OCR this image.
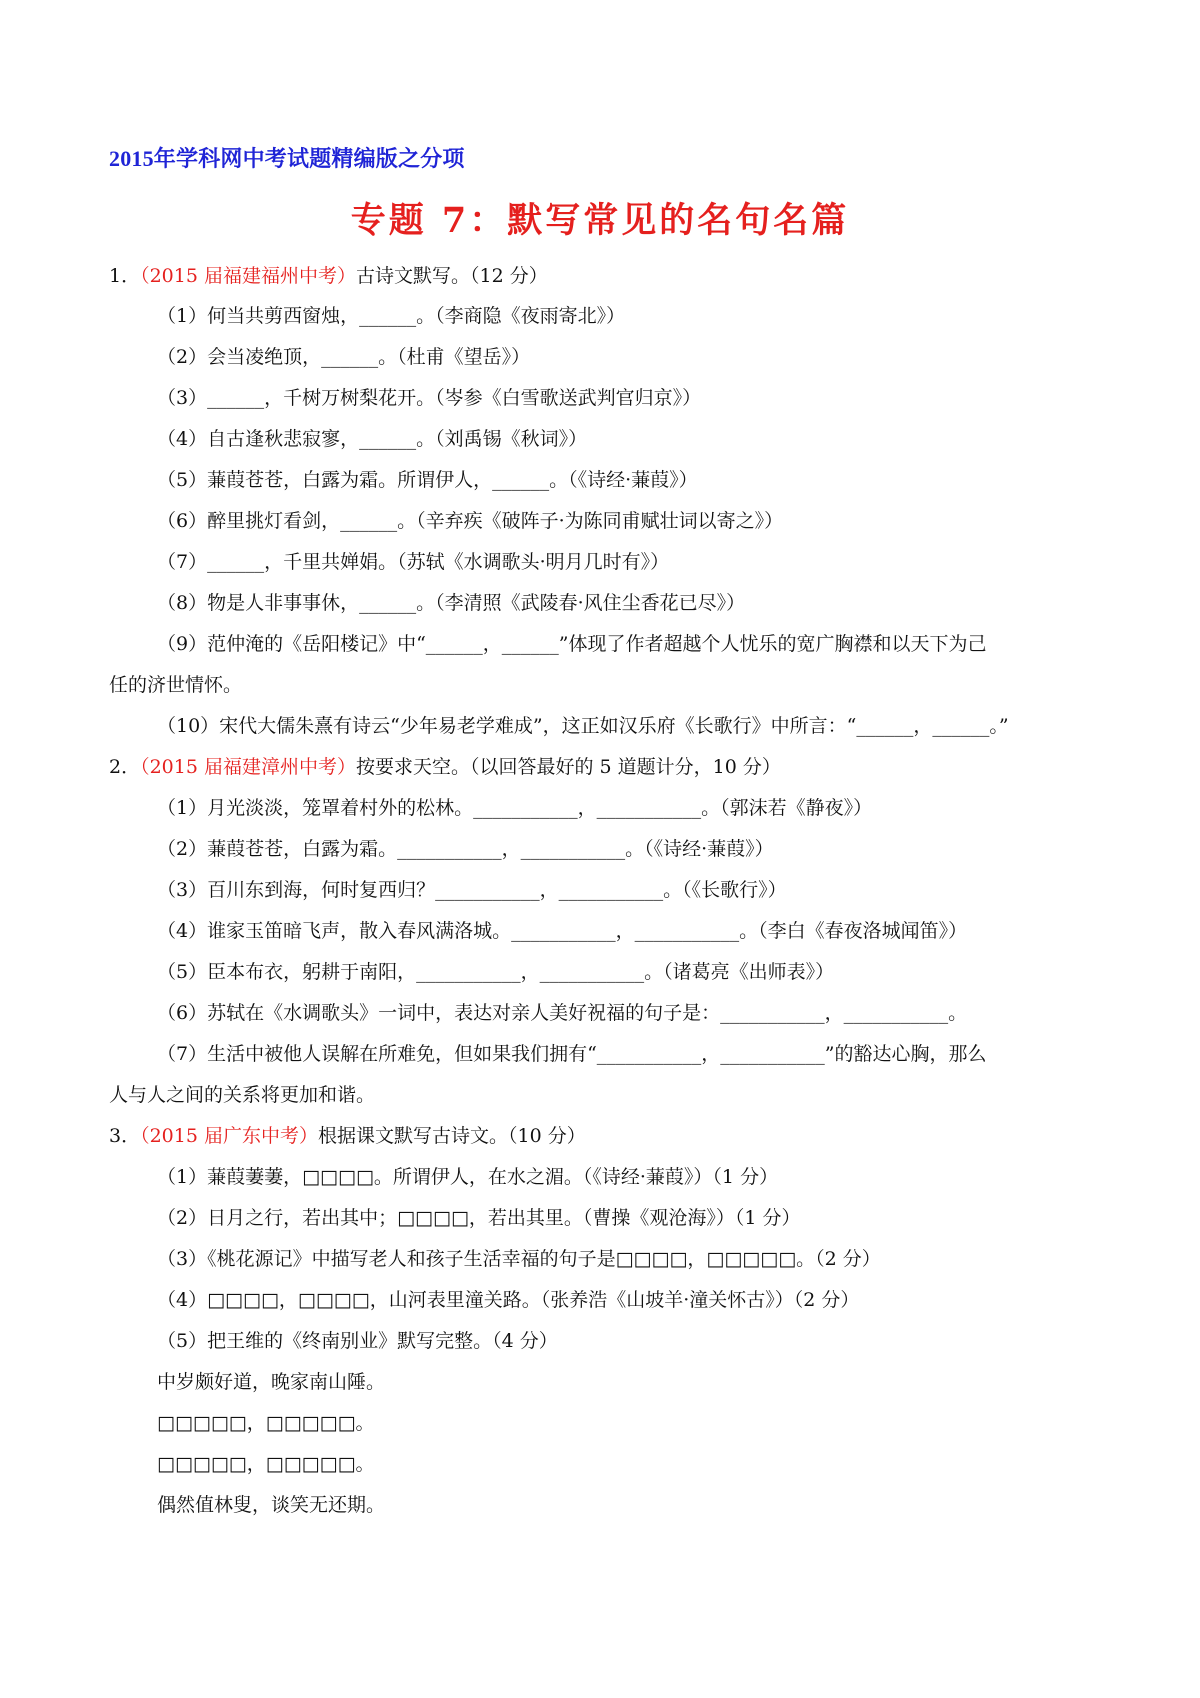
2015年学科网中考试题精编版之分项
专题 7：默写常见的名句名篇
1．（2015 届福建福州中考）古诗文默写。（12 分）
（1）何当共剪西窗烛，______。（李商隐《夜雨寄北》）
（2）会当凌绝顶，______。（杜甫《望岳》）
（3）______，千树万树梨花开。（岑参《白雪歌送武判官归京》）
（4）自古逢秋悲寂寥，______。（刘禹锡《秋词》）
（5）蒹葭苍苍，白露为霜。所谓伊人，______。（《诗经·蒹葭》）
（6）醉里挑灯看剑，______。（辛弃疾《破阵子·为陈同甫赋壮词以寄之》）
（7）______，千里共婵娟。（苏轼《水调歌头·明月几时有》）
（8）物是人非事事休，______。（李清照《武陵春·风住尘香花已尽》）
（9）范仲淹的《岳阳楼记》中“______，______”体现了作者超越个人忧乐的宽广胸襟和以天下为己
任的济世情怀。
（10）宋代大儒朱熹有诗云“少年易老学难成”，这正如汉乐府《长歌行》中所言：“______，______。”
2．（2015 届福建漳州中考）按要求天空。（以回答最好的 5 道题计分，10 分）
（1）月光淡淡，笼罩着村外的松林。___________，___________。（郭沫若《静夜》）
（2）蒹葭苍苍，白露为霜。___________，___________。（《诗经·蒹葭》）
（3）百川东到海，何时复西归？___________，___________。（《长歌行》）
（4）谁家玉笛暗飞声，散入春风满洛城。___________，___________。（李白《春夜洛城闻笛》）
（5）臣本布衣，躬耕于南阳，___________，___________。（诸葛亮《出师表》）
（6）苏轼在《水调歌头》一词中，表达对亲人美好祝福的句子是：___________，___________。
（7）生活中被他人误解在所难免，但如果我们拥有“___________，___________”的豁达心胸，那么
人与人之间的关系将更加和谐。
3．（2015 届广东中考）根据课文默写古诗文。（10 分）
（1）蒹葭萋萋，□□□□。所谓伊人，在水之湄。（《诗经·蒹葭》）（1 分）
（2）日月之行，若出其中；□□□□，若出其里。（曹操《观沧海》）（1 分）
（3）《桃花源记》中描写老人和孩子生活幸福的句子是□□□□，□□□□□。（2 分）
（4）□□□□，□□□□，山河表里潼关路。（张养浩《山坡羊·潼关怀古》）（2 分）
（5）把王维的《终南别业》默写完整。（4 分）
中岁颇好道，晚家南山陲。
□□□□□，□□□□□。
□□□□□，□□□□□。
偶然值林叟，谈笑无还期。
